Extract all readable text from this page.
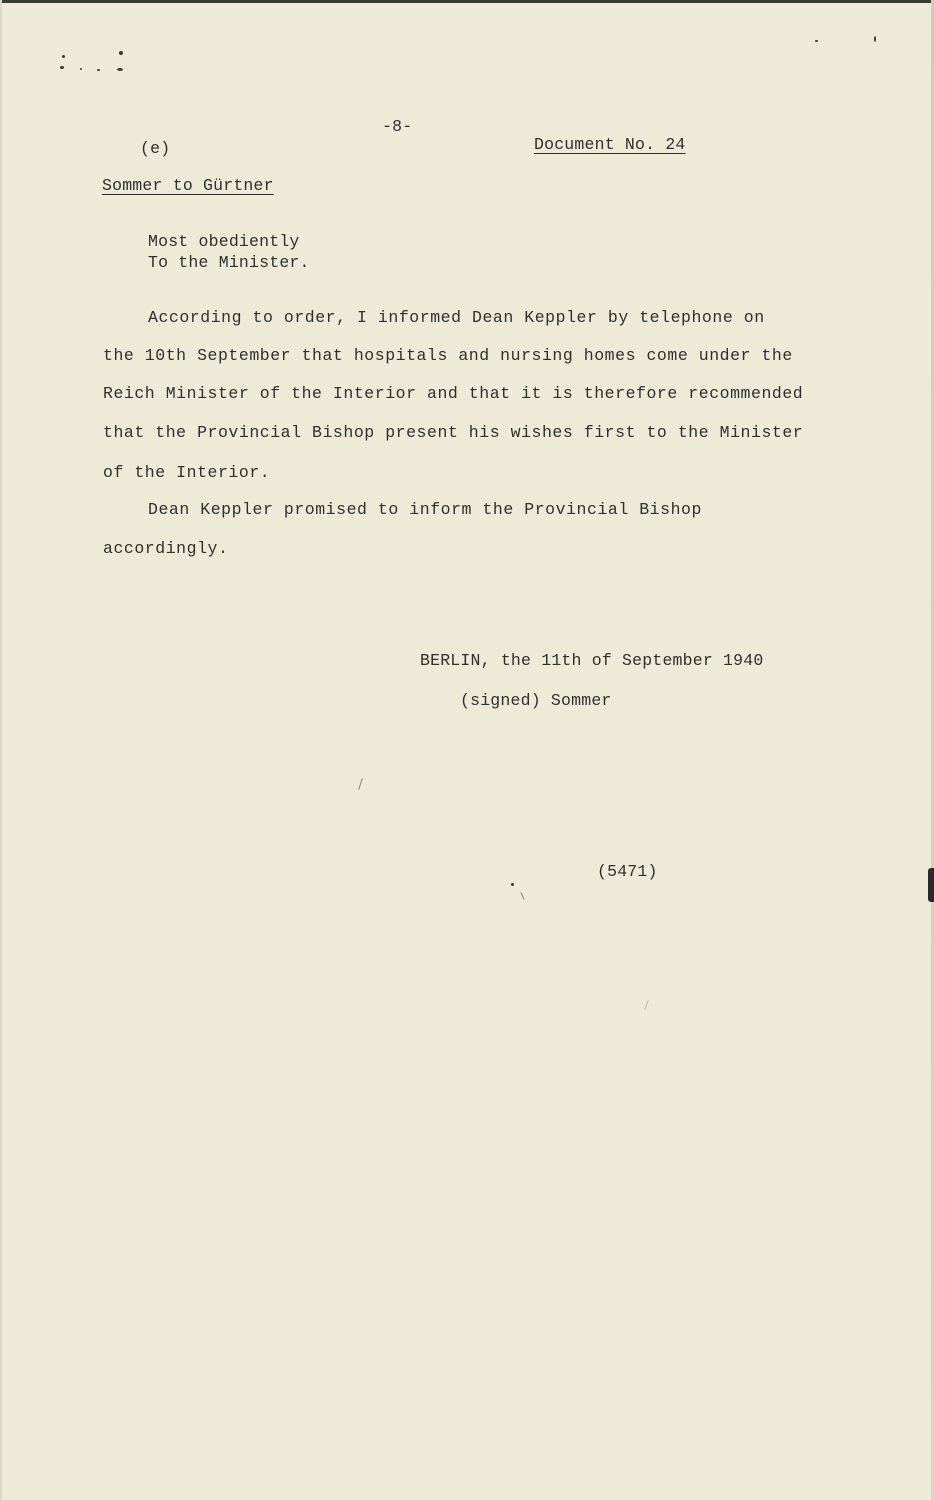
-8-
(e)	Document No. 24
Sommer to Gürtner
Most obediently
To the Minister.
According to order, I informed Dean Keppler by telephone on
the 10th September that hospitals and nursing homes come under the
Reich Minister of the Interior and that it is therefore recommended
that the Provincial Bishop present his wishes first to the Minister
of the Interior.
Dean Keppler promised to inform the Provincial Bishop
accordingly.
BERLIN, the 11th of September 1940
(signed) Sommer
(5471)
